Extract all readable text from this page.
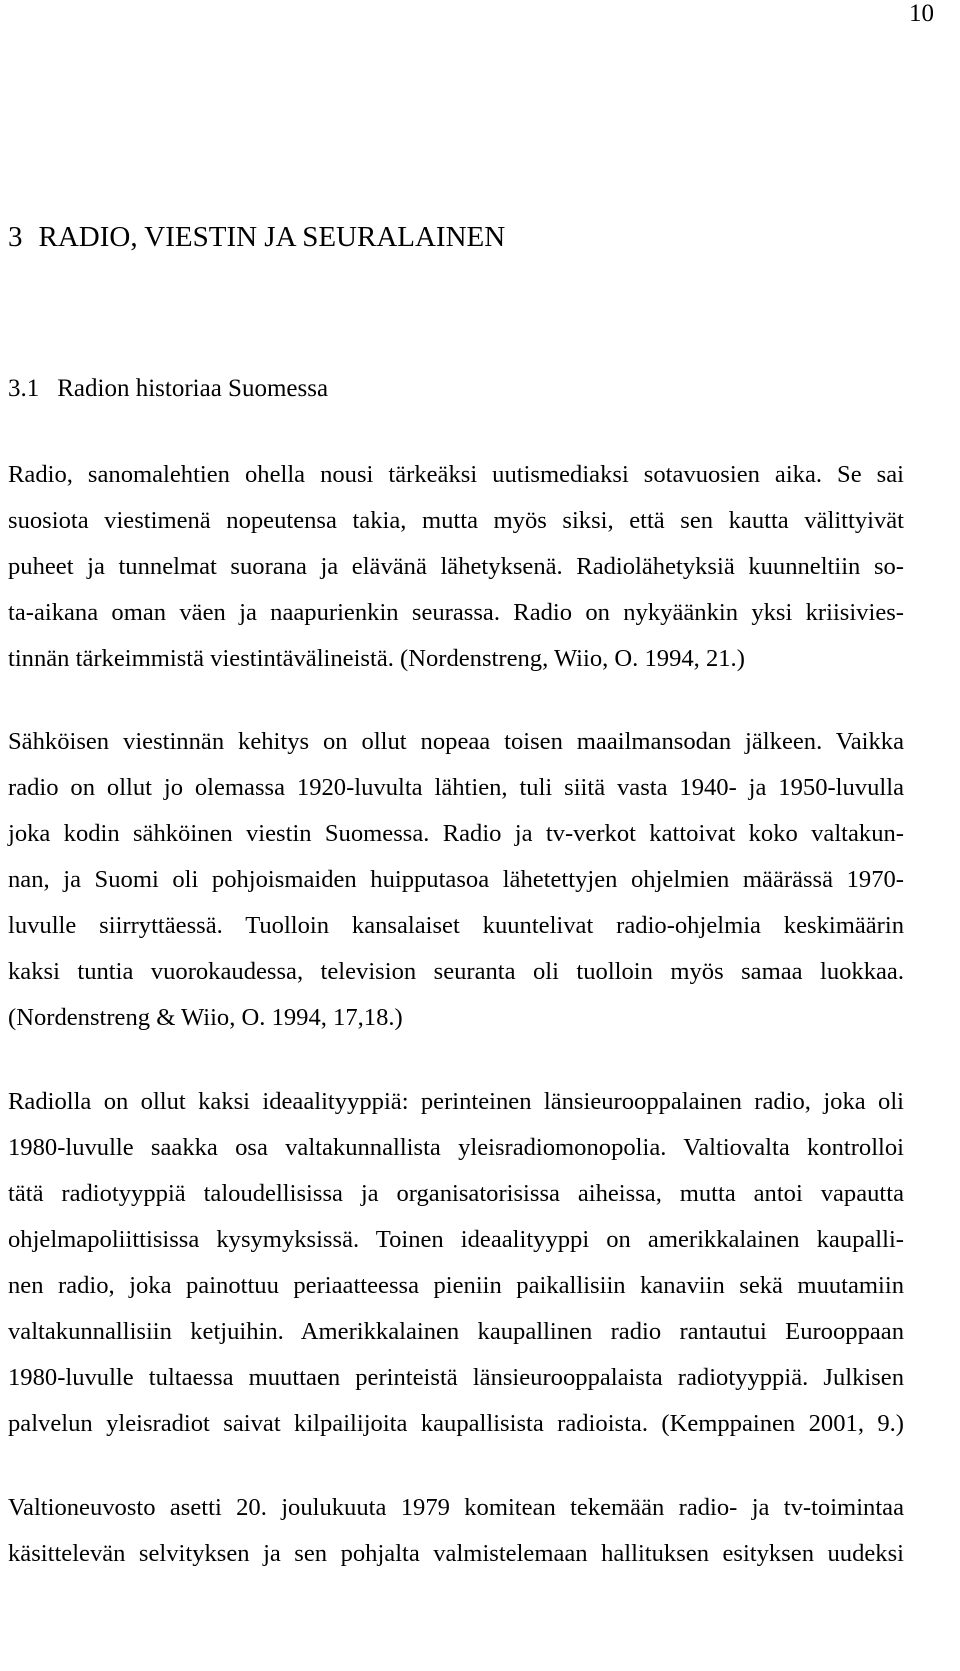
10
3 RADIO, VIESTIN JA SEURALAINEN
3.1 Radion historiaa Suomessa
Radio, sanomalehtien ohella nousi tärkeäksi uutismediaksi sotavuosien aika. Se sai
suosiota viestimenä nopeutensa takia, mutta myös siksi, että sen kautta välittyivät
puheet ja tunnelmat suorana ja elävänä lähetyksenä. Radiolähetyksiä kuunneltiin so-
ta-aikana oman väen ja naapurienkin seurassa. Radio on nykyäänkin yksi kriisivies-
tinnän tärkeimmistä viestintävälineistä. (Nordenstreng, Wiio, O. 1994, 21.)
Sähköisen viestinnän kehitys on ollut nopeaa toisen maailmansodan jälkeen. Vaikka
radio on ollut jo olemassa 1920-luvulta lähtien, tuli siitä vasta 1940- ja 1950-luvulla
joka kodin sähköinen viestin Suomessa. Radio ja tv-verkot kattoivat koko valtakun-
nan, ja Suomi oli pohjoismaiden huipputasoa lähetettyjen ohjelmien määrässä 1970-
luvulle siirryttäessä. Tuolloin kansalaiset kuuntelivat radio-ohjelmia keskimäärin
kaksi tuntia vuorokaudessa, television seuranta oli tuolloin myös samaa luokkaa.
(Nordenstreng & Wiio, O. 1994, 17,18.)
Radiolla on ollut kaksi ideaalityyppiä: perinteinen länsieurooppalainen radio, joka oli
1980-luvulle saakka osa valtakunnallista yleisradiomonopolia. Valtiovalta kontrolloi
tätä radiotyyppiä taloudellisissa ja organisatorisissa aiheissa, mutta antoi vapautta
ohjelmapoliittisissa kysymyksissä. Toinen ideaalityyppi on amerikkalainen kaupalli-
nen radio, joka painottuu periaatteessa pieniin paikallisiin kanaviin sekä muutamiin
valtakunnallisiin ketjuihin. Amerikkalainen kaupallinen radio rantautui Eurooppaan
1980-luvulle tultaessa muuttaen perinteistä länsieurooppalaista radiotyyppiä. Julkisen
palvelun yleisradiot saivat kilpailijoita kaupallisista radioista. (Kemppainen 2001, 9.)
Valtioneuvosto asetti 20. joulukuuta 1979 komitean tekemään radio- ja tv-toimintaa
käsittelevän selvityksen ja sen pohjalta valmistelemaan hallituksen esityksen uudeksi
